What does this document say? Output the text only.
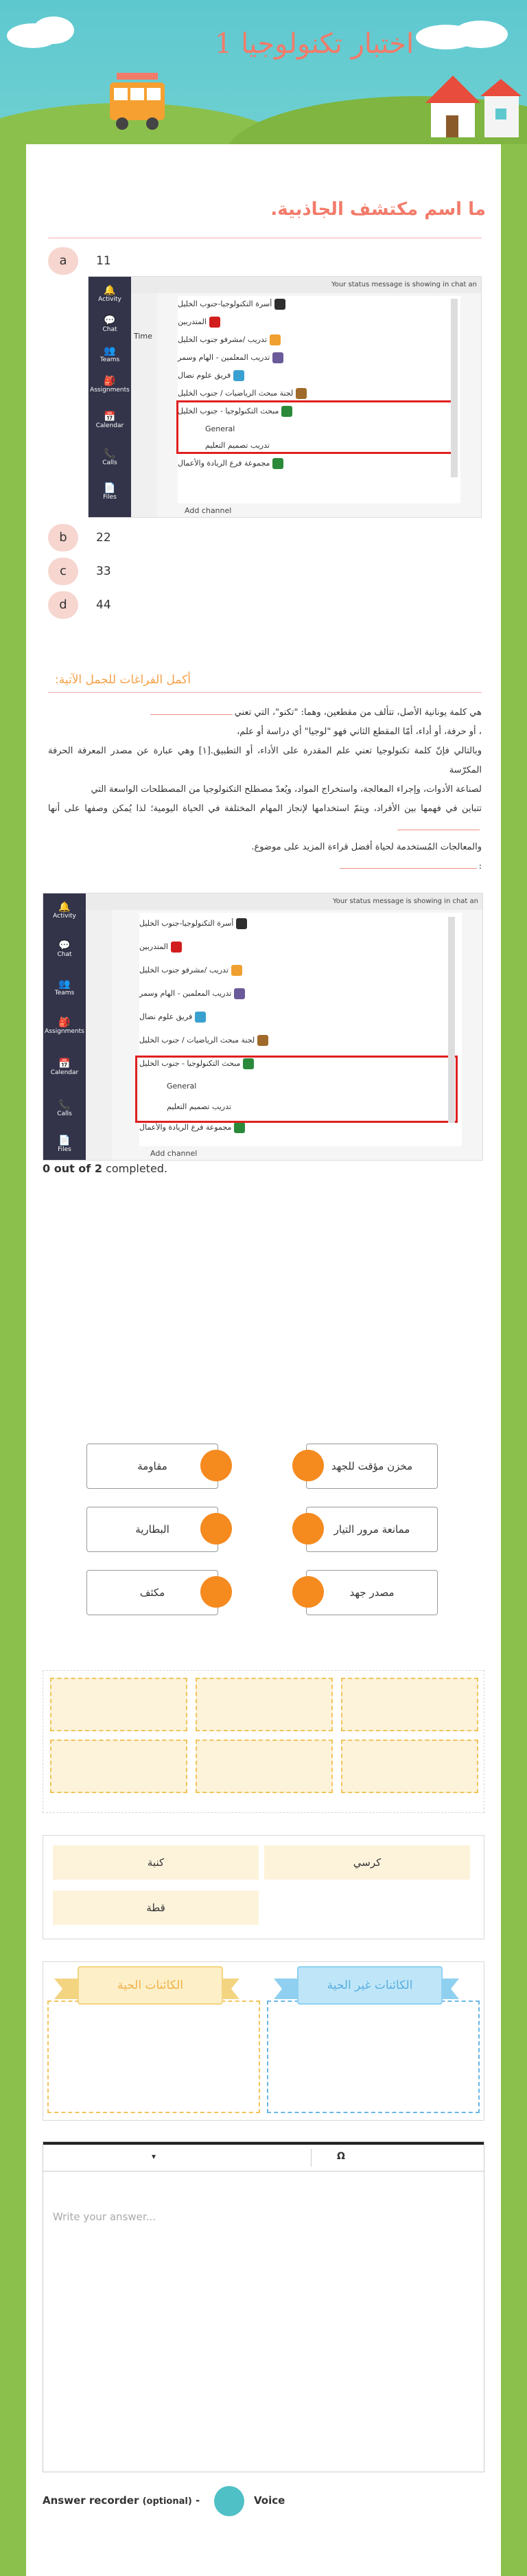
اختبار تكنولوجيا 1
ما اسم مكتشف الجاذبية.
a	11
🔔
Activity
💬
Chat
👥
Teams
🎒
Assignments
📅
Calendar
📞
Calls
📄
Files
Your status message is showing in chat an
Time
أسرة التكنولوجيا-جنوب الخليل
المتدربين
تدريب /مشرفو جنوب الخليل
تدريب المعلمين - الهام وسمر
فريق علوم نضال
لجنة مبحث الرياضيات / جنوب الخليل
مبحث التكنولوجيا - جنوب الخليل
General
تدريب تصميم التعليم
مجموعة فرع الريادة والأعمال
Add channel
b	22
c	33
d	44
أكمل الفراغات للجمل الآتية:
هي كلمة يونانية الأصل، تتألف من مقطعين، وهما: "تكنو"، التي تعني
، أو حرفة، أو أداء، أمّا المقطع الثاني فهو "لوجيا" أي دراسة أو علم،
وبالتالي فإنّ كلمة تكنولوجيا تعني علم المقدرة على الأداء، أو التطبيق.[١] وهي عبارة عن مصدر المعرفة الحرفة المكرّسة
لصناعة الأدوات، وإجراء المعالجة، واستخراج المواد، ويُعدّ مصطلح التكنولوجيا من المصطلحات الواسعة التي
تتباين في فهمها بين الأفراد، ويتمّ استخدامها لإنجاز المهام المختلفة في الحياة اليومية؛ لذا يُمكن وصفها على أنها
والمعالجات المُستخدمة لحياة أفضل قراءة المزيد على موضوع.
:
🔔
Activity
💬
Chat
👥
Teams
🎒
Assignments
📅
Calendar
📞
Calls
📄
Files
Your status message is showing in chat an
أسرة التكنولوجيا-جنوب الخليل
المتدربين
تدريب /مشرفو جنوب الخليل
تدريب المعلمين - الهام وسمر
فريق علوم نضال
لجنة مبحث الرياضيات / جنوب الخليل
مبحث التكنولوجيا - جنوب الخليل
General
تدريب تصميم التعليم
مجموعة فرع الريادة والأعمال
Add channel
0 out of 2 completed.
مخزن مؤقت للجهد
مقاومة
ممانعة مرور التيار
البطارية
مصدر جهد
مكثف
كرسي
كنبة
قطة
الكائنات غير الحية
الكائنات الحية
▾	Ω
Write your answer...
Answer recorder (optional) -	Voice
